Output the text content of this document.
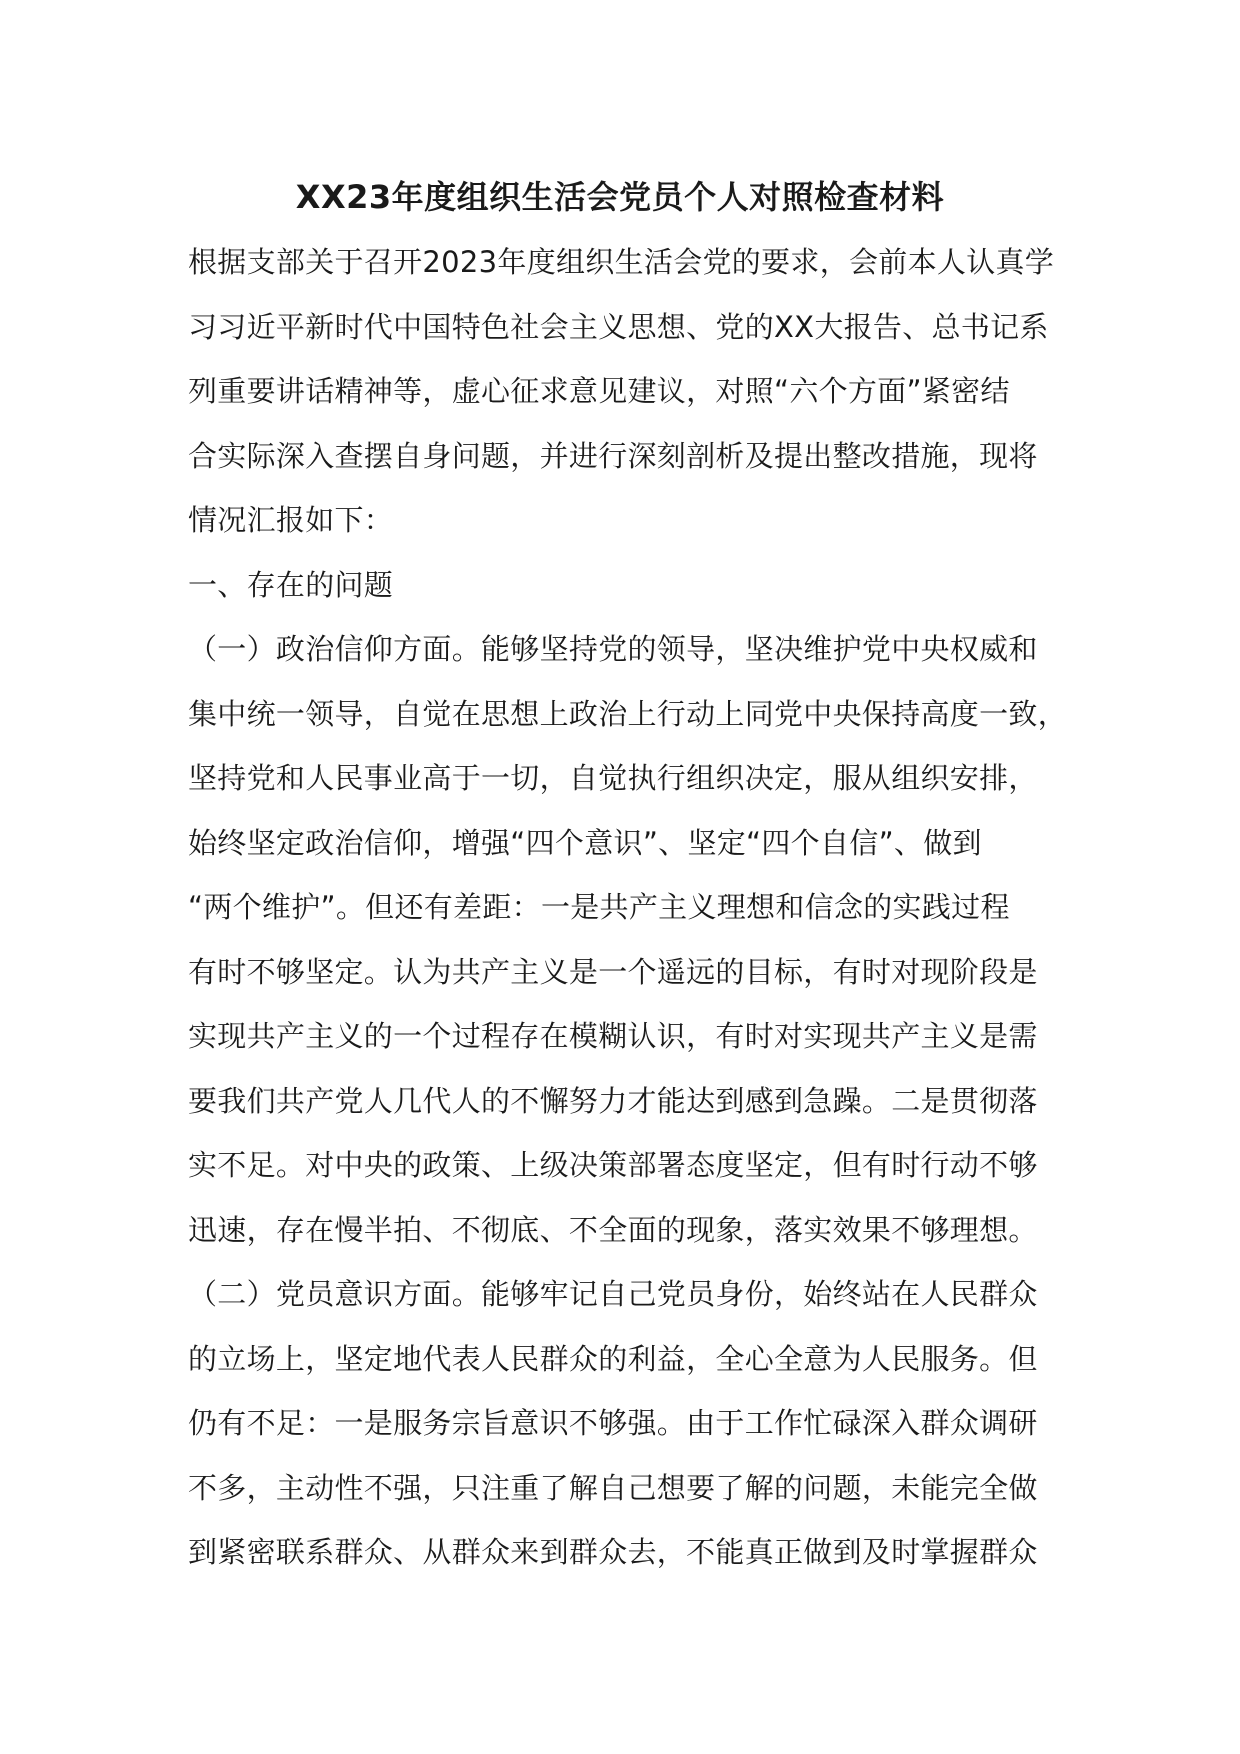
XX23年度组织生活会党员个人对照检查材料
根据支部关于召开2023年度组织生活会党的要求，会前本人认真学
习习近平新时代中国特色社会主义思想、党的XX大报告、总书记系
列重要讲话精神等，虚心征求意见建议，对照“六个方面”紧密结
合实际深入查摆自身问题，并进行深刻剖析及提出整改措施，现将
情况汇报如下：
一、存在的问题
（一）政治信仰方面。能够坚持党的领导，坚决维护党中央权威和
集中统一领导，自觉在思想上政治上行动上同党中央保持高度一致，
坚持党和人民事业高于一切，自觉执行组织决定，服从组织安排，
始终坚定政治信仰，增强“四个意识”、坚定“四个自信”、做到
“两个维护”。但还有差距：一是共产主义理想和信念的实践过程
有时不够坚定。认为共产主义是一个遥远的目标，有时对现阶段是
实现共产主义的一个过程存在模糊认识，有时对实现共产主义是需
要我们共产党人几代人的不懈努力才能达到感到急躁。二是贯彻落
实不足。对中央的政策、上级决策部署态度坚定，但有时行动不够
迅速，存在慢半拍、不彻底、不全面的现象，落实效果不够理想。
（二）党员意识方面。能够牢记自己党员身份，始终站在人民群众
的立场上，坚定地代表人民群众的利益，全心全意为人民服务。但
仍有不足：一是服务宗旨意识不够强。由于工作忙碌深入群众调研
不多，主动性不强，只注重了解自己想要了解的问题，未能完全做
到紧密联系群众、从群众来到群众去，不能真正做到及时掌握群众
